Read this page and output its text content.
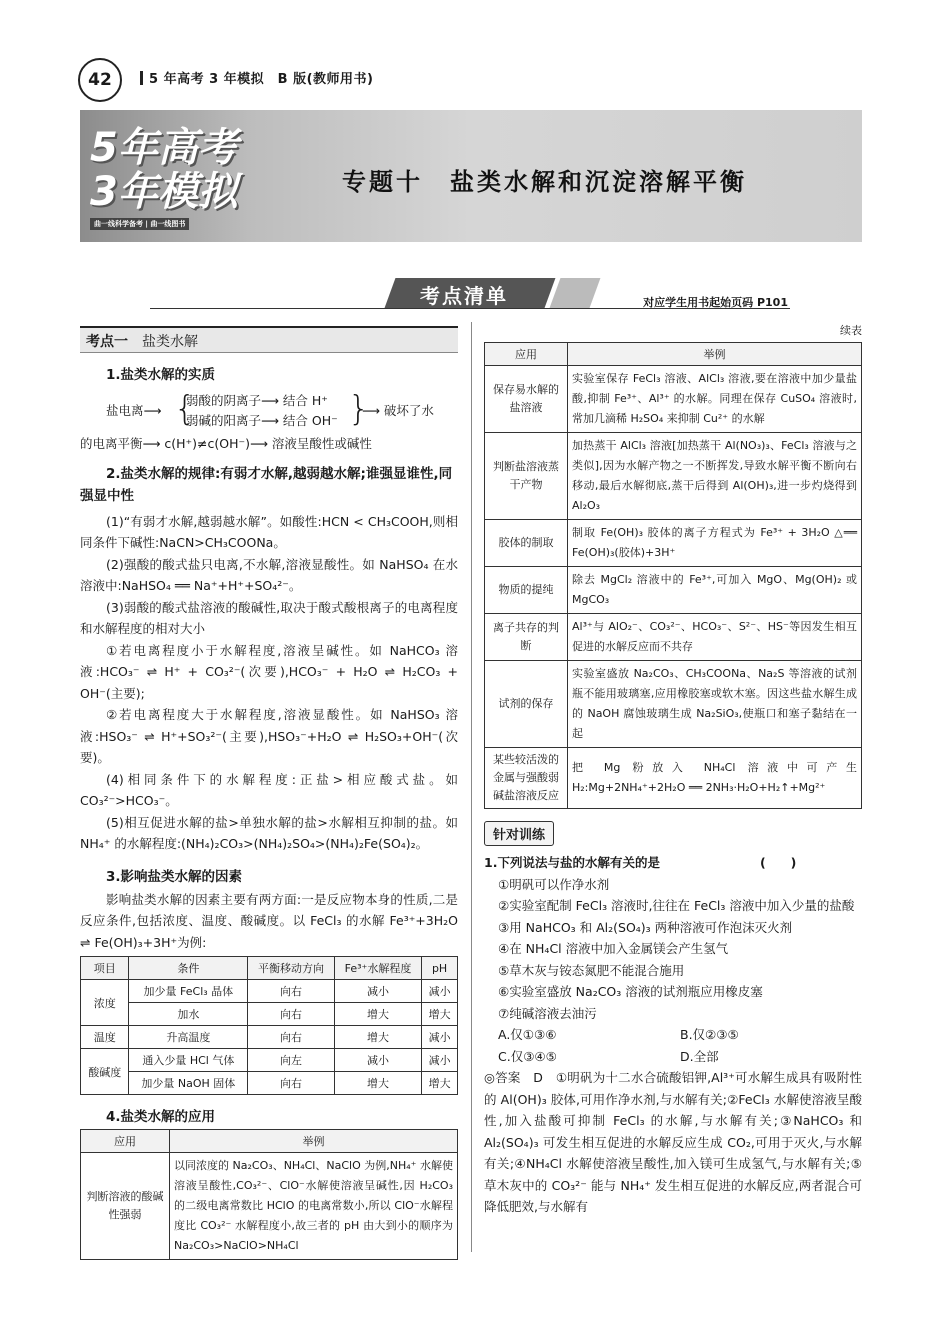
42	5 年高考 3 年模拟　B 版(教师用书)
5年高考
3年模拟
曲一线科学备考 | 曲一线图书
专题十　盐类水解和沉淀溶解平衡
考点清单	对应学生用书起始页码 P101
考点一 盐类水解
1.盐类水解的实质
盐电离⟶ {
弱酸的阴离子⟶ 结合 H⁺
弱碱的阳离子⟶ 结合 OH⁻ }
⟶ 破坏了水

的电离平衡⟶ c(H⁺)≠c(OH⁻)⟶ 溶液呈酸性或碱性

2.盐类水解的规律:有弱才水解,越弱越水解;谁强显谁性,同强显中性

(1)“有弱才水解,越弱越水解”。如酸性:HCN < CH₃COOH,则相同条件下碱性:NaCN>CH₃COONa。

(2)强酸的酸式盐只电离,不水解,溶液显酸性。如 NaHSO₄ 在水溶液中:NaHSO₄ ══ Na⁺+H⁺+SO₄²⁻。

(3)弱酸的酸式盐溶液的酸碱性,取决于酸式酸根离子的电离程度和水解程度的相对大小

①若电离程度小于水解程度,溶液呈碱性。如 NaHCO₃ 溶液:HCO₃⁻ ⇌ H⁺ + CO₃²⁻(次要),HCO₃⁻ + H₂O ⇌ H₂CO₃ + OH⁻(主要);

②若电离程度大于水解程度,溶液显酸性。如 NaHSO₃ 溶液:HSO₃⁻ ⇌ H⁺+SO₃²⁻(主要),HSO₃⁻+H₂O ⇌ H₂SO₃+OH⁻(次要)。

(4)相同条件下的水解程度:正盐>相应酸式盐。如 CO₃²⁻>HCO₃⁻。

(5)相互促进水解的盐>单独水解的盐>水解相互抑制的盐。如 NH₄⁺ 的水解程度:(NH₄)₂CO₃>(NH₄)₂SO₄>(NH₄)₂Fe(SO₄)₂。

3.影响盐类水解的因素

影响盐类水解的因素主要有两方面:一是反应物本身的性质,二是反应条件,包括浓度、温度、酸碱度。以 FeCl₃ 的水解 Fe³⁺+3H₂O ⇌ Fe(OH)₃+3H⁺为例:

项目	条件	平衡移动方向	Fe³⁺水解程度	pH
浓度	加少量 FeCl₃ 晶体	向右	减小	减小
	加水	向右	增大	增大
温度	升高温度	向右	增大	减小
酸碱度	通入少量 HCl 气体	向左	减小	减小
	加少量 NaOH 固体	向右	增大	增大
4.盐类水解的应用
应用	举例
判断溶液的酸碱性强弱	以同浓度的 Na₂CO₃、NH₄Cl、NaClO 为例,NH₄⁺ 水解使溶液呈酸性,CO₃²⁻、ClO⁻水解使溶液呈碱性,因 H₂CO₃ 的二级电离常数比 HClO 的电离常数小,所以 ClO⁻水解程度比 CO₃²⁻ 水解程度小,故三者的 pH 由大到小的顺序为 Na₂CO₃>NaClO>NH₄Cl
续表
应用	举例
保存易水解的盐溶液	实验室保存 FeCl₃ 溶液、AlCl₃ 溶液,要在溶液中加少量盐酸,抑制 Fe³⁺、Al³⁺ 的水解。同理在保存 CuSO₄ 溶液时,常加几滴稀 H₂SO₄ 来抑制 Cu²⁺ 的水解
判断盐溶液蒸干产物	加热蒸干 AlCl₃ 溶液[加热蒸干 Al(NO₃)₃、FeCl₃ 溶液与之类似],因为水解产物之一不断挥发,导致水解平衡不断向右移动,最后水解彻底,蒸干后得到 Al(OH)₃,进一步灼烧得到 Al₂O₃
胶体的制取	制取 Fe(OH)₃ 胶体的离子方程式为 Fe³⁺ + 3H₂O △══ Fe(OH)₃(胶体)+3H⁺
物质的提纯	除去 MgCl₂ 溶液中的 Fe³⁺,可加入 MgO、Mg(OH)₂ 或 MgCO₃
离子共存的判断	Al³⁺与 AlO₂⁻、CO₃²⁻、HCO₃⁻、S²⁻、HS⁻等因发生相互促进的水解反应而不共存
试剂的保存	实验室盛放 Na₂CO₃、CH₃COONa、Na₂S 等溶液的试剂瓶不能用玻璃塞,应用橡胶塞或软木塞。因这些盐水解生成的 NaOH 腐蚀玻璃生成 Na₂SiO₃,使瓶口和塞子黏结在一起
某些较活泼的金属与强酸弱碱盐溶液反应	把 Mg 粉放入 NH₄Cl 溶液中可产生 H₂:Mg+2NH₄⁺+2H₂O ══ 2NH₃·H₂O+H₂↑+Mg²⁺
针对训练

1.下列说法与盐的水解有关的是　　　　　　　　(　　)

①明矾可以作净水剂

②实验室配制 FeCl₃ 溶液时,往往在 FeCl₃ 溶液中加入少量的盐酸

③用 NaHCO₃ 和 Al₂(SO₄)₃ 两种溶液可作泡沫灭火剂

④在 NH₄Cl 溶液中加入金属镁会产生氢气

⑤草木灰与铵态氮肥不能混合施用

⑥实验室盛放 Na₂CO₃ 溶液的试剂瓶应用橡皮塞

⑦纯碱溶液去油污

A.仅①③⑥	B.仅②③⑤
C.仅③④⑤	D.全部

◎答案　D　①明矾为十二水合硫酸铝钾,Al³⁺可水解生成具有吸附性的 Al(OH)₃ 胶体,可用作净水剂,与水解有关;②FeCl₃ 水解使溶液呈酸性,加入盐酸可抑制 FeCl₃ 的水解,与水解有关;③NaHCO₃ 和 Al₂(SO₄)₃ 可发生相互促进的水解反应生成 CO₂,可用于灭火,与水解有关;④NH₄Cl 水解使溶液呈酸性,加入镁可生成氢气,与水解有关;⑤草木灰中的 CO₃²⁻ 能与 NH₄⁺ 发生相互促进的水解反应,两者混合可降低肥效,与水解有
